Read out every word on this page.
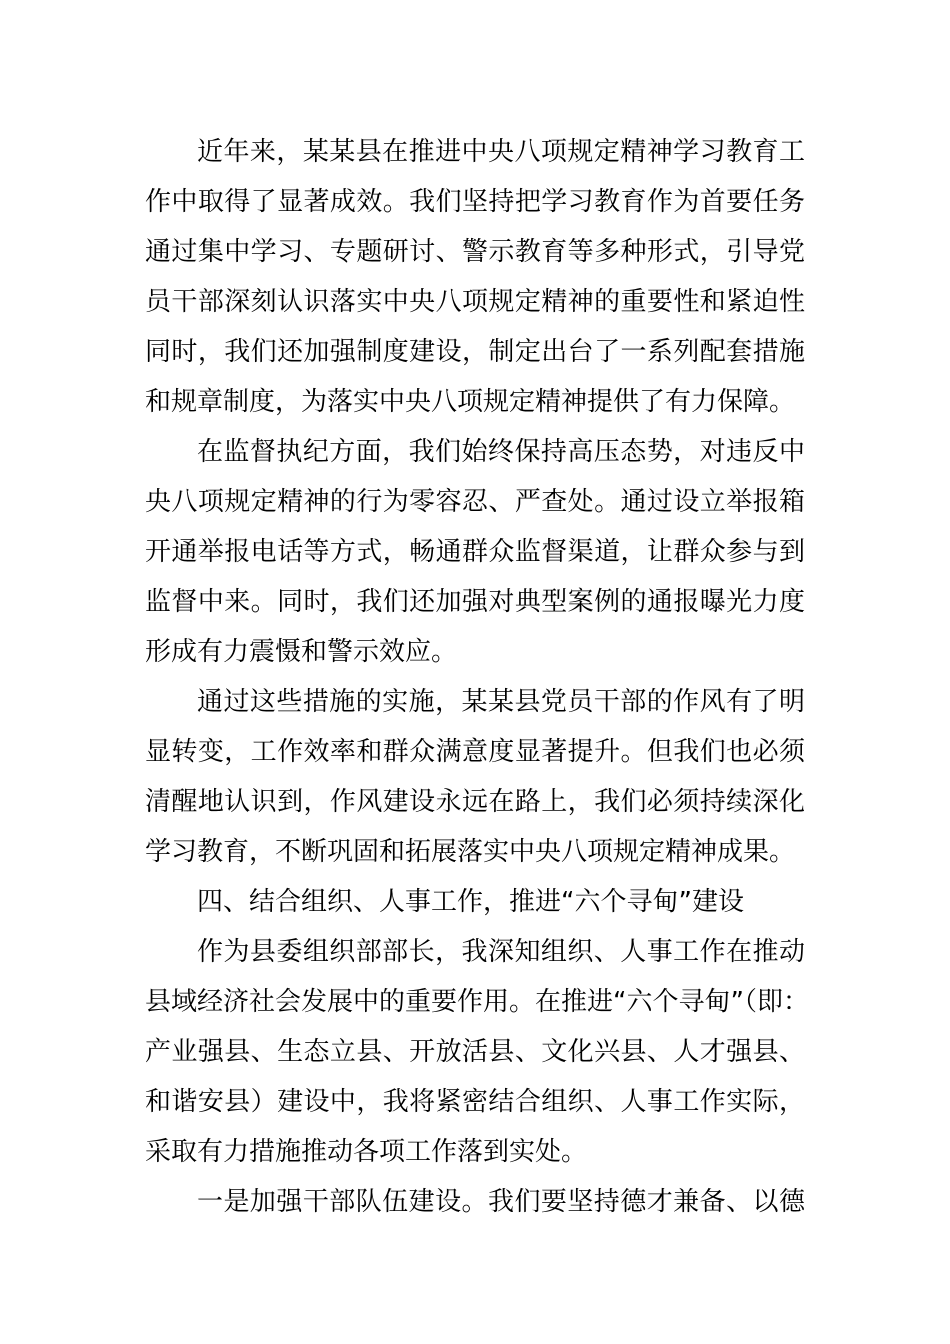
近年来，某某县在推进中央八项规定精神学习教育工
作中取得了显著成效。我们坚持把学习教育作为首要任务
通过集中学习、专题研讨、警示教育等多种形式，引导党
员干部深刻认识落实中央八项规定精神的重要性和紧迫性
同时，我们还加强制度建设，制定出台了一系列配套措施
和规章制度，为落实中央八项规定精神提供了有力保障。
在监督执纪方面，我们始终保持高压态势，对违反中
央八项规定精神的行为零容忍、严查处。通过设立举报箱
开通举报电话等方式，畅通群众监督渠道，让群众参与到
监督中来。同时，我们还加强对典型案例的通报曝光力度
形成有力震慑和警示效应。
通过这些措施的实施，某某县党员干部的作风有了明
显转变，工作效率和群众满意度显著提升。但我们也必须
清醒地认识到，作风建设永远在路上，我们必须持续深化
学习教育，不断巩固和拓展落实中央八项规定精神成果。
四、结合组织、人事工作，推进“六个寻甸”建设
作为县委组织部部长，我深知组织、人事工作在推动
县域经济社会发展中的重要作用。在推进“六个寻甸”（即：
产业强县、生态立县、开放活县、文化兴县、人才强县、
和谐安县）建设中，我将紧密结合组织、人事工作实际，
采取有力措施推动各项工作落到实处。
一是加强干部队伍建设。我们要坚持德才兼备、以德
